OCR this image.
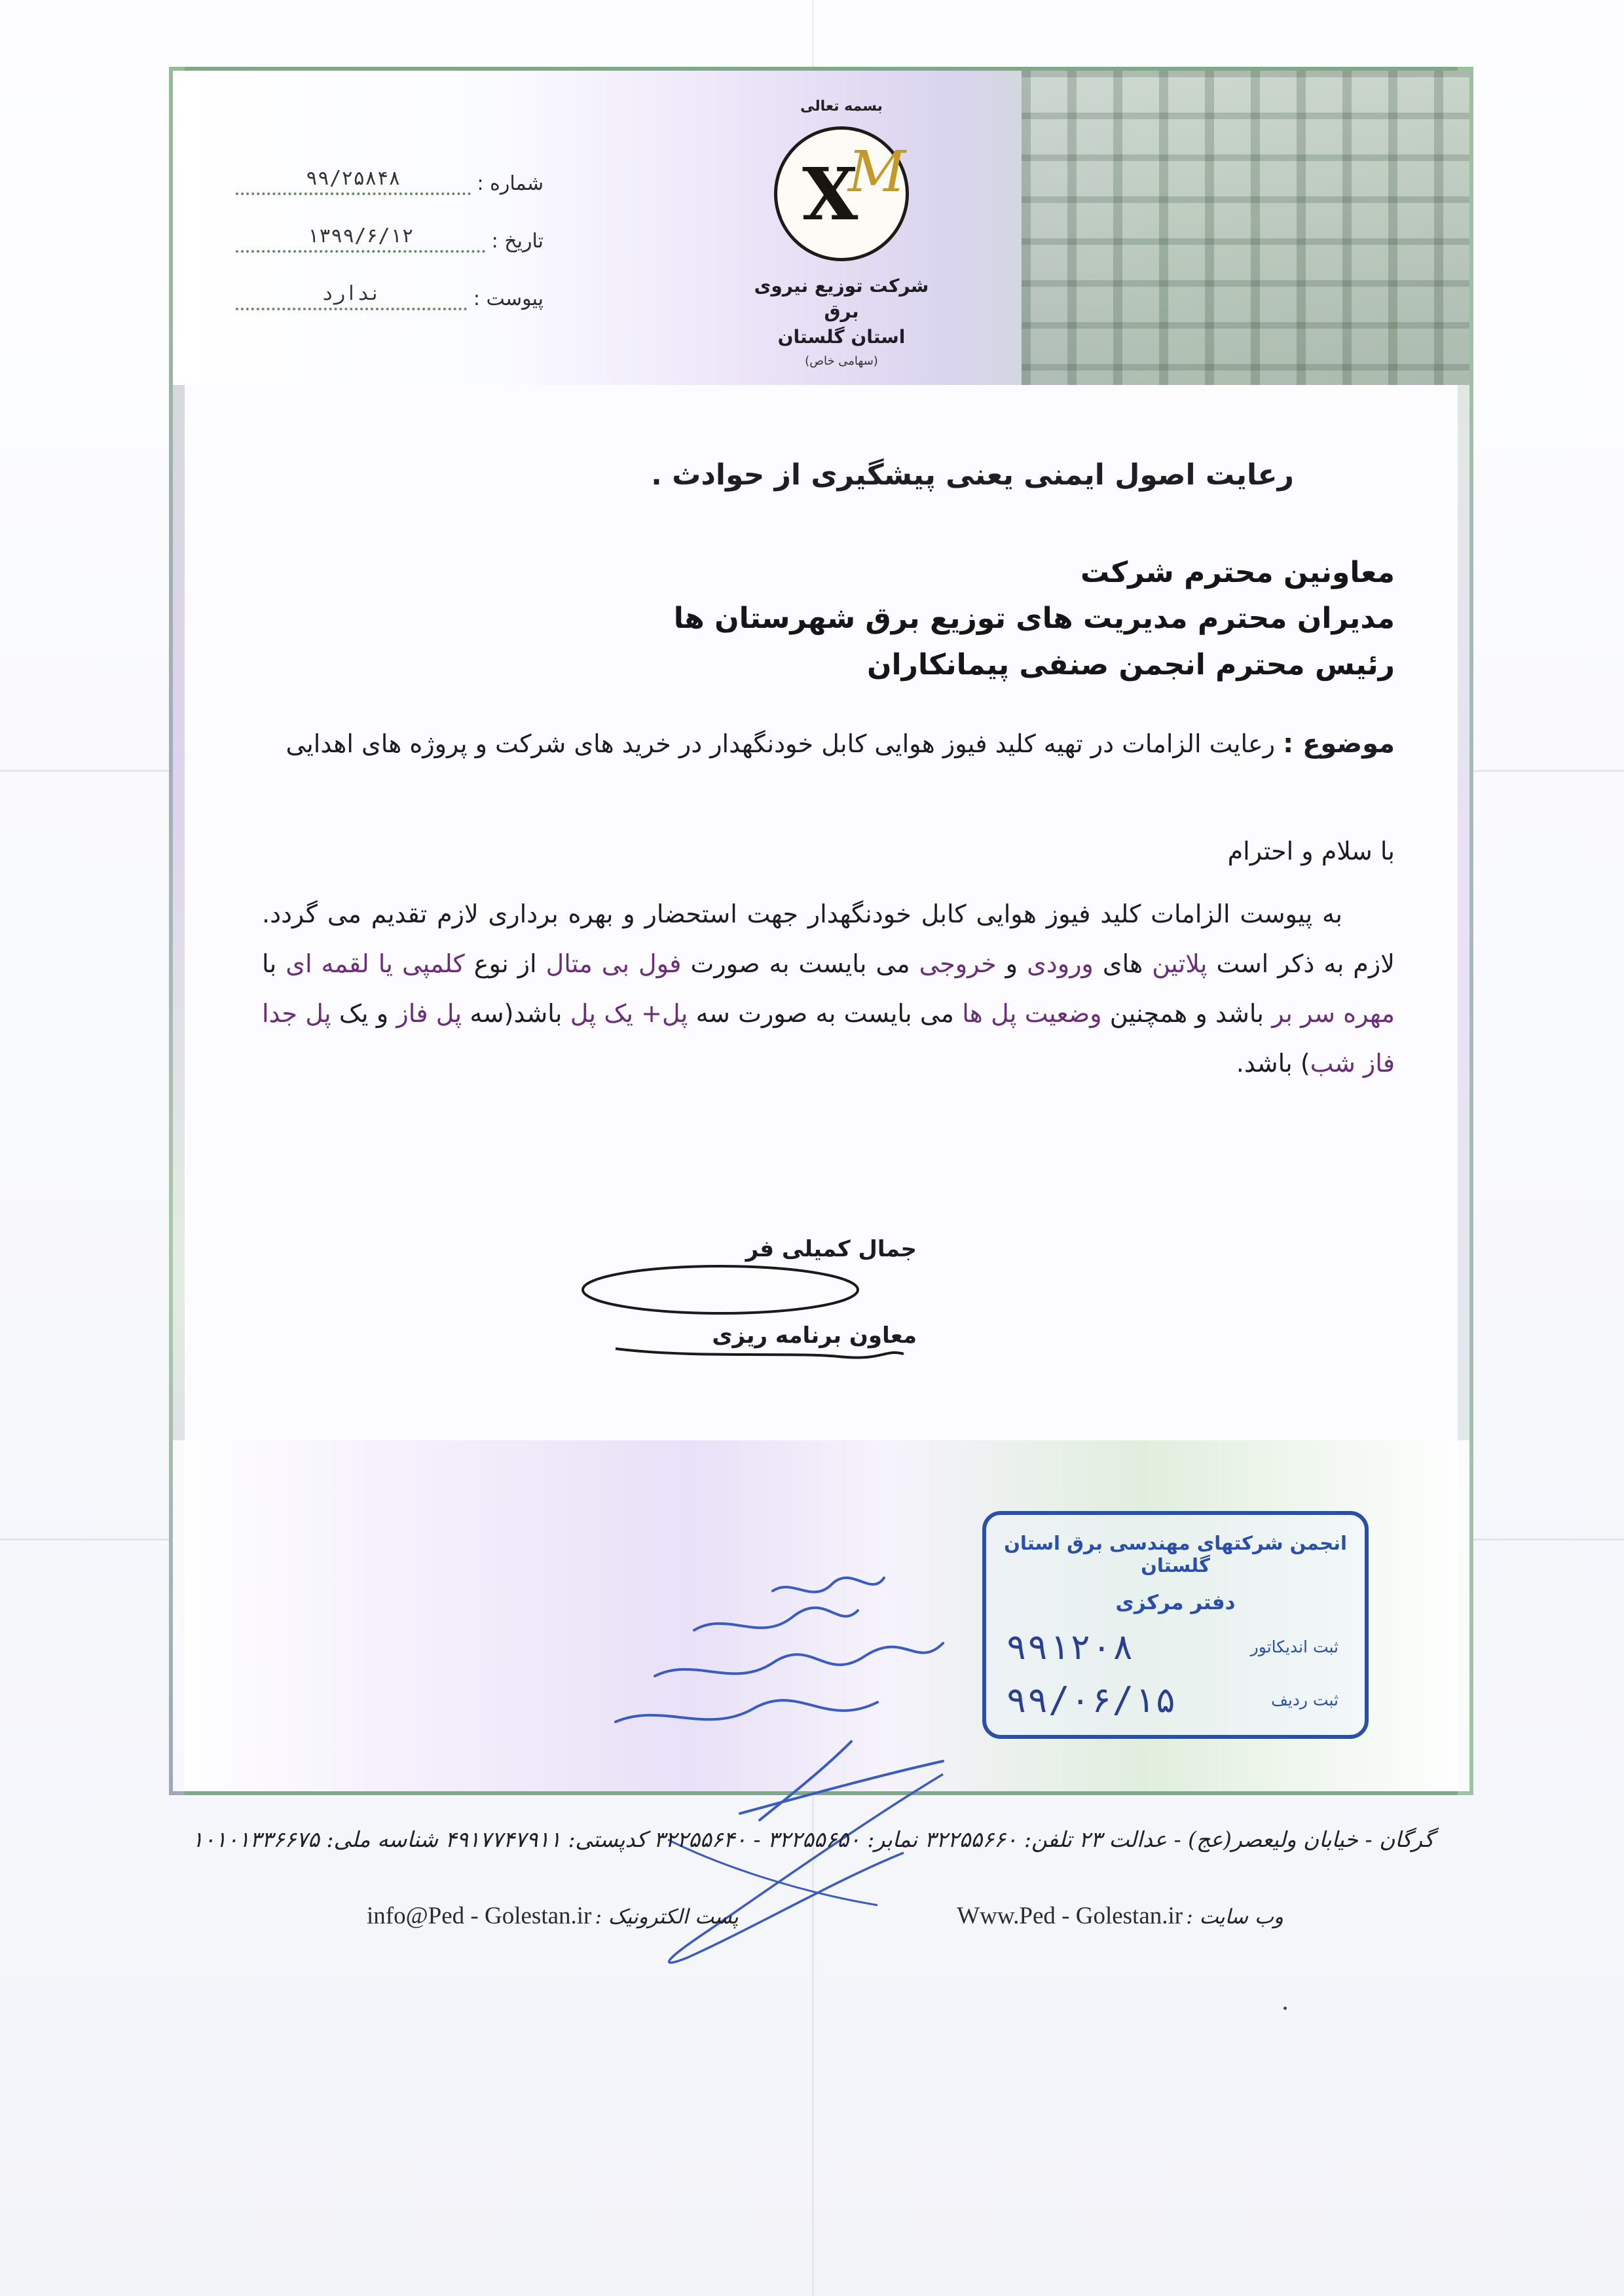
شماره :
۹۹/۲۵۸۴۸
تاریخ :
۱۳۹۹/۶/۱۲
پیوست :
ندارد
بسمه تعالی
X
M
شرکت توزیع نیروی برق
استان گلستان
(سهامی خاص)
رعایت اصول ایمنی یعنی پیشگیری از حوادث .
معاونین محترم شرکت
مدیران محترم مدیریت های توزیع برق شهرستان ها
رئیس محترم انجمن صنفی پیمانکاران
موضوع : رعایت الزامات در تهیه کلید فیوز هوایی کابل خودنگهدار در خرید های شرکت و پروژه های اهدایی
با سلام و احترام
به پیوست الزامات کلید فیوز هوایی کابل خودنگهدار جهت استحضار و بهره برداری لازم تقدیم می گردد. لازم به ذکر است پلاتین های ورودی و خروجی می بایست به صورت فول بی متال از نوع کلمپی یا لقمه ای با مهره سر بر باشد و همچنین وضعیت پل ها می بایست به صورت سه پل+ یک پل باشد(سه پل فاز و یک پل جدا فاز شب) باشد.
جمال کمیلی فر
معاون برنامه ریزی
انجمن شرکتهای مهندسی برق استان گلستان
دفتر مرکزی
ثبت اندیکاتور
۹۹۱۲۰۸
ثبت ردیف
۹۹/۰۶/۱۵
گرگان - خیابان ولیعصر(عج) - عدالت ۲۳ تلفن: ۳۲۲۵۵۶۶۰ نمابر: ۳۲۲۵۵۶۵۰ - ۳۲۲۵۵۶۴۰ کدپستی: ۴۹۱۷۷۴۷۹۱۱ شناسه ملی: ۱۰۱۰۱۳۳۶۶۷۵
وب سایت : Www.Ped - Golestan.ir
پست الکترونیک : info@Ped - Golestan.ir
